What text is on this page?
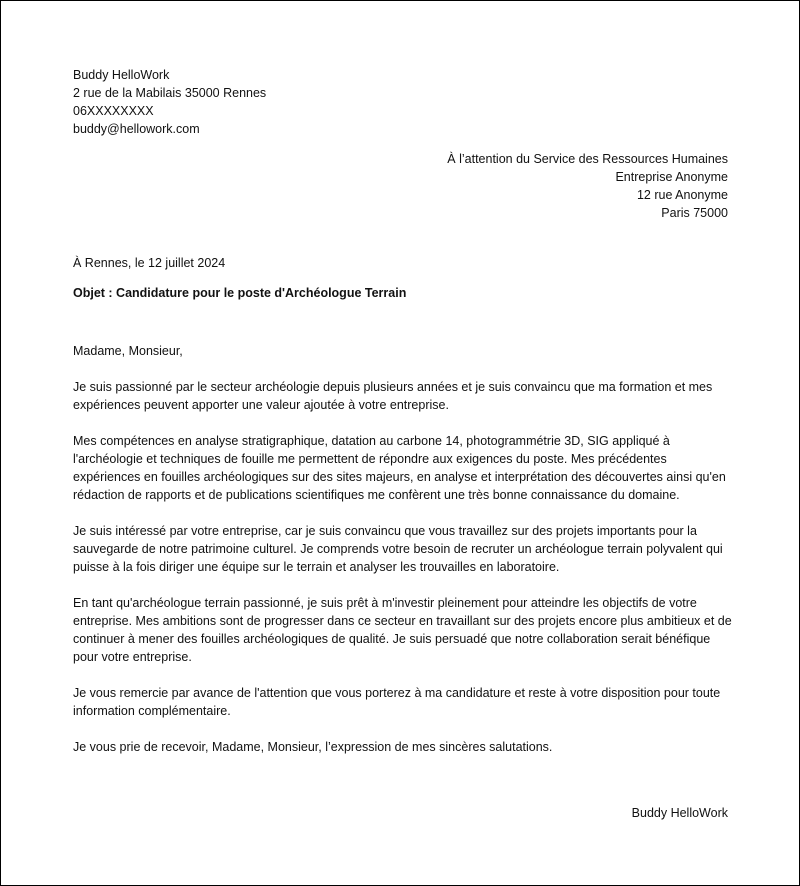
Buddy HelloWork
2 rue de la Mabilais 35000 Rennes
06XXXXXXXX
buddy@hellowork.com
À l’attention du Service des Ressources Humaines
Entreprise Anonyme
12 rue Anonyme
Paris 75000
À Rennes, le 12 juillet 2024
Objet : Candidature pour le poste d'Archéologue Terrain

Madame, Monsieur,

Je suis passionné par le secteur archéologie depuis plusieurs années et je suis convaincu que ma formation et mes expériences peuvent apporter une valeur ajoutée à votre entreprise.

Mes compétences en analyse stratigraphique, datation au carbone 14, photogrammétrie 3D, SIG appliqué à l'archéologie et techniques de fouille me permettent de répondre aux exigences du poste. Mes précédentes expériences en fouilles archéologiques sur des sites majeurs, en analyse et interprétation des découvertes ainsi qu'en rédaction de rapports et de publications scientifiques me confèrent une très bonne connaissance du domaine.

Je suis intéressé par votre entreprise, car je suis convaincu que vous travaillez sur des projets importants pour la sauvegarde de notre patrimoine culturel. Je comprends votre besoin de recruter un archéologue terrain polyvalent qui puisse à la fois diriger une équipe sur le terrain et analyser les trouvailles en laboratoire.

En tant qu'archéologue terrain passionné, je suis prêt à m'investir pleinement pour atteindre les objectifs de votre entreprise. Mes ambitions sont de progresser dans ce secteur en travaillant sur des projets encore plus ambitieux et de continuer à mener des fouilles archéologiques de qualité. Je suis persuadé que notre collaboration serait bénéfique pour votre entreprise.

Je vous remercie par avance de l'attention que vous porterez à ma candidature et reste à votre disposition pour toute information complémentaire.

Je vous prie de recevoir, Madame, Monsieur, l’expression de mes sincères salutations.

Buddy HelloWork
